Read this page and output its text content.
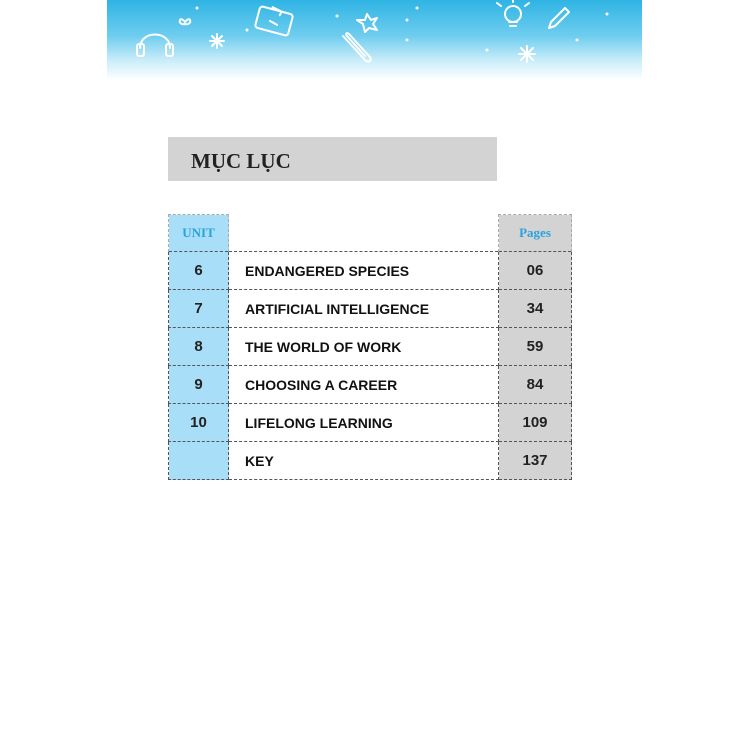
MỤC LỤC
UNIT		Pages
6	ENDANGERED SPECIES	06
7	ARTIFICIAL INTELLIGENCE	34
8	THE WORLD OF WORK	59
9	CHOOSING A CAREER	84
10	LIFELONG LEARNING	109
	KEY	137
